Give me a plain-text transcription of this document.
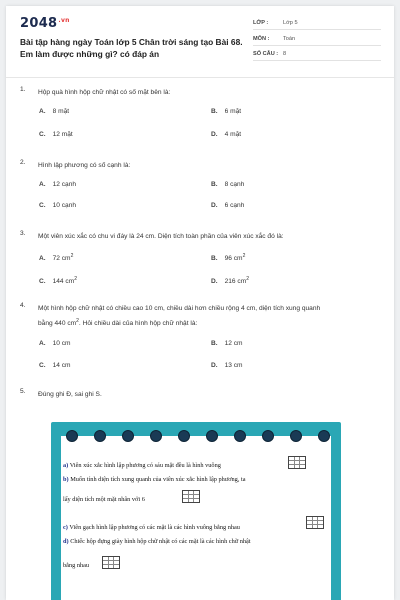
$2048^{.vn}$
Bài tập hàng ngày Toán lớp 5 Chân trời sáng tạo Bài 68. Em làm được những gì? có đáp án
LỚP :	Lớp 5
MÔN : Toán
SỐ CÂU : 8
1. Hộp quà hình hộp chữ nhật có số mặt bên là:
A. 8 mặt	B. 6 mặt
C. 12 mặt	D. 4 mặt
2. Hình lập phương có số cạnh là:
A. 12 cạnh	B. 8 cạnh
C. 10 cạnh	D. 6 cạnh
3. Một viên xúc xắc có chu vi đáy là 24 cm. Diện tích toàn phần của viên xúc xắc đó là:
A. 72 $cm^2$	B. 96 $cm^2$
C. 144 $cm^2$	D. 216 $cm^2$
4. Một hình hộp chữ nhật có chiều cao 10 cm, chiều dài hơn chiều rộng 4 cm, diện tích xung quanh
bằng 440 $cm^2$. Hỏi chiều dài của hình hộp chữ nhật là:
A. 10 cm	B. 12 cm
C. 14 cm	D. 13 cm
5. Đúng ghi Đ, sai ghi S.
a) Viên xúc xắc hình lập phương có sáu mặt đều là hình vuông
b) Muốn tính diện tích xung quanh của viên xúc xắc hình lập phương, ta
lấy diện tích một mặt nhân với 6
c) Viên gạch hình lập phương có các mặt là các hình vuông bằng nhau
d) Chiếc hộp đựng giày hình hộp chữ nhật có các mặt là các hình chữ nhật
bằng nhau
